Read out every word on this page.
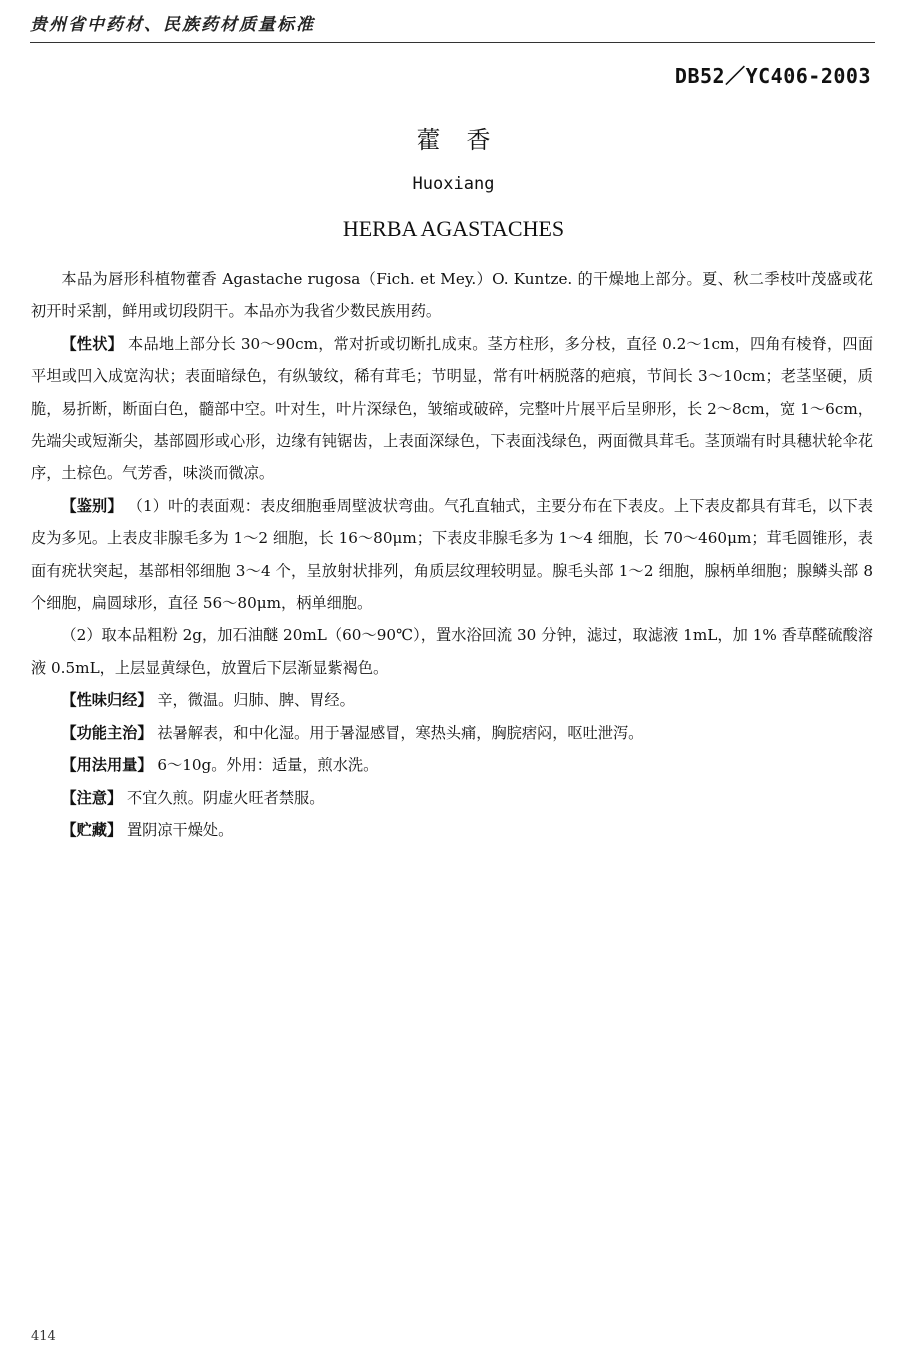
贵州省中药材、民族药材质量标准
DB52／YC406-2003
藿香
Huoxiang
HERBA AGASTACHES

本品为唇形科植物藿香 Agastache rugosa（Fich. et Mey.）O. Kuntze. 的干燥地上部分。夏、秋二季枝叶茂盛或花初开时采割，鲜用或切段阴干。本品亦为我省少数民族用药。

【性状】 本品地上部分长 30～90cm，常对折或切断扎成束。茎方柱形，多分枝，直径 0.2～1cm，四角有棱脊，四面平坦或凹入成宽沟状；表面暗绿色，有纵皱纹，稀有茸毛；节明显，常有叶柄脱落的疤痕，节间长 3～10cm；老茎坚硬，质脆，易折断，断面白色，髓部中空。叶对生，叶片深绿色，皱缩或破碎，完整叶片展平后呈卵形，长 2～8cm，宽 1～6cm，先端尖或短渐尖，基部圆形或心形，边缘有钝锯齿，上表面深绿色，下表面浅绿色，两面微具茸毛。茎顶端有时具穗状轮伞花序，土棕色。气芳香，味淡而微凉。

【鉴别】 （1）叶的表面观：表皮细胞垂周壁波状弯曲。气孔直轴式，主要分布在下表皮。上下表皮都具有茸毛，以下表皮为多见。上表皮非腺毛多为 1～2 细胞，长 16～80μm；下表皮非腺毛多为 1～4 细胞，长 70～460μm；茸毛圆锥形，表面有疣状突起，基部相邻细胞 3～4 个，呈放射状排列，角质层纹理较明显。腺毛头部 1～2 细胞，腺柄单细胞；腺鳞头部 8 个细胞，扁圆球形，直径 56～80μm，柄单细胞。

（2）取本品粗粉 2g，加石油醚 20mL（60～90℃），置水浴回流 30 分钟，滤过，取滤液 1mL，加 1% 香草醛硫酸溶液 0.5mL，上层显黄绿色，放置后下层渐显紫褐色。

【性味归经】 辛，微温。归肺、脾、胃经。

【功能主治】 祛暑解表，和中化湿。用于暑湿感冒，寒热头痛，胸脘痞闷，呕吐泄泻。

【用法用量】 6～10g。外用：适量，煎水洗。

【注意】 不宜久煎。阴虚火旺者禁服。

【贮藏】 置阴凉干燥处。

414
